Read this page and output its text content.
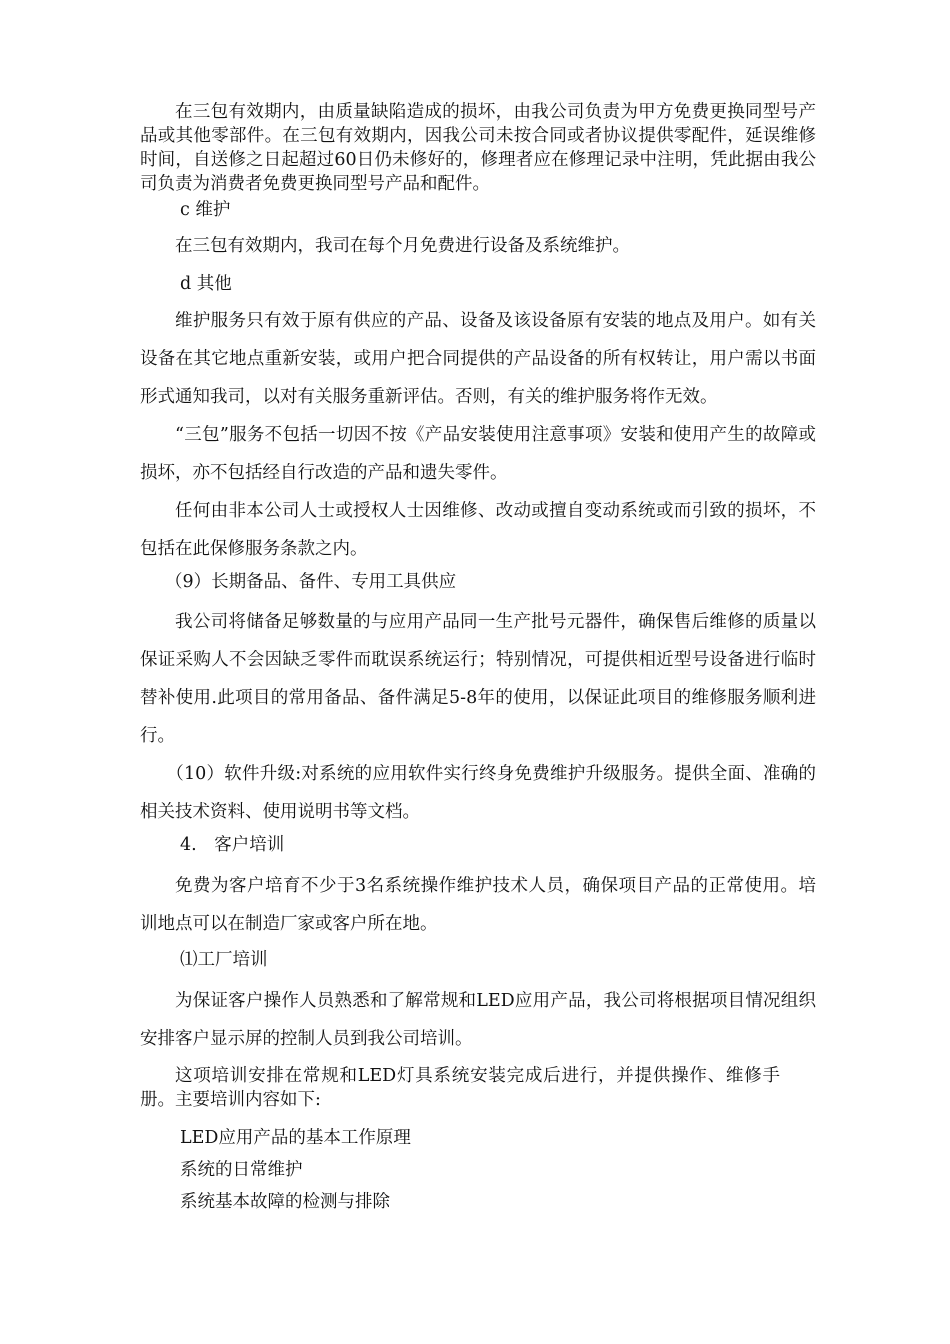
在三包有效期内，由质量缺陷造成的损坏，由我公司负责为甲方免费更换同型号产品或其他零部件。在三包有效期内，因我公司未按合同或者协议提供零配件，延误维修时间，自送修之日起超过60日仍未修好的，修理者应在修理记录中注明，凭此据由我公司负责为消费者免费更换同型号产品和配件。

c 维护

在三包有效期内，我司在每个月免费进行设备及系统维护。

d 其他

维护服务只有效于原有供应的产品、设备及该设备原有安装的地点及用户。如有关设备在其它地点重新安装，或用户把合同提供的产品设备的所有权转让，用户需以书面形式通知我司，以对有关服务重新评估。否则，有关的维护服务将作无效。

“三包”服务不包括一切因不按《产品安装使用注意事项》安装和使用产生的故障或损坏，亦不包括经自行改造的产品和遗失零件。

任何由非本公司人士或授权人士因维修、改动或擅自变动系统或而引致的损坏，不包括在此保修服务条款之内。

（9）长期备品、备件、专用工具供应

我公司将储备足够数量的与应用产品同一生产批号元器件，确保售后维修的质量以保证采购人不会因缺乏零件而耽误系统运行；特别情况，可提供相近型号设备进行临时替补使用.此项目的常用备品、备件满足5-8年的使用，以保证此项目的维修服务顺利进行。

（10）软件升级:对系统的应用软件实行终身免费维护升级服务。提供全面、准确的相关技术资料、使用说明书等文档。

4.　客户培训

免费为客户培育不少于3名系统操作维护技术人员，确保项目产品的正常使用。培训地点可以在制造厂家或客户所在地。

⑴工厂培训

为保证客户操作人员熟悉和了解常规和LED应用产品，我公司将根据项目情况组织安排客户显示屏的控制人员到我公司培训。

这项培训安排在常规和LED灯具系统安装完成后进行，并提供操作、维修手册。主要培训内容如下:

LED应用产品的基本工作原理

系统的日常维护

系统基本故障的检测与排除
